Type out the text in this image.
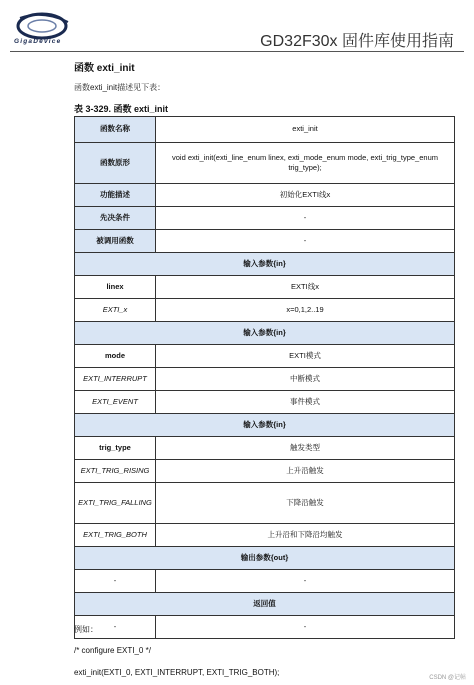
GigaDevice	GD32F30x 固件库使用指南
函数 exti_init
函数exti_init描述见下表：
表 3-329. 函数 exti_init
函数名称	exti_init
函数原形	void exti_init(exti_line_enum linex, exti_mode_enum mode, exti_trig_type_enum trig_type);
功能描述	初始化EXTI线x
先决条件	-
被调用函数	-
输入参数{in}	
linex	EXTI线x
EXTI_x	x=0,1,2..19
输入参数{in}	
mode	EXTI模式
EXTI_INTERRUPT	中断模式
EXTI_EVENT	事件模式
输入参数{in}	
trig_type	触发类型
EXTI_TRIG_RISING	上升沿触发
EXTI_TRIG_FALLING	下降沿触发
EXTI_TRIG_BOTH	上升沿和下降沿均触发
输出参数{out}	
-	-
返回值	
-	-
例如：
/* configure EXTI_0 */
exti_init(EXTI_0, EXTI_INTERRUPT, EXTI_TRIG_BOTH);
CSDN @记帖
